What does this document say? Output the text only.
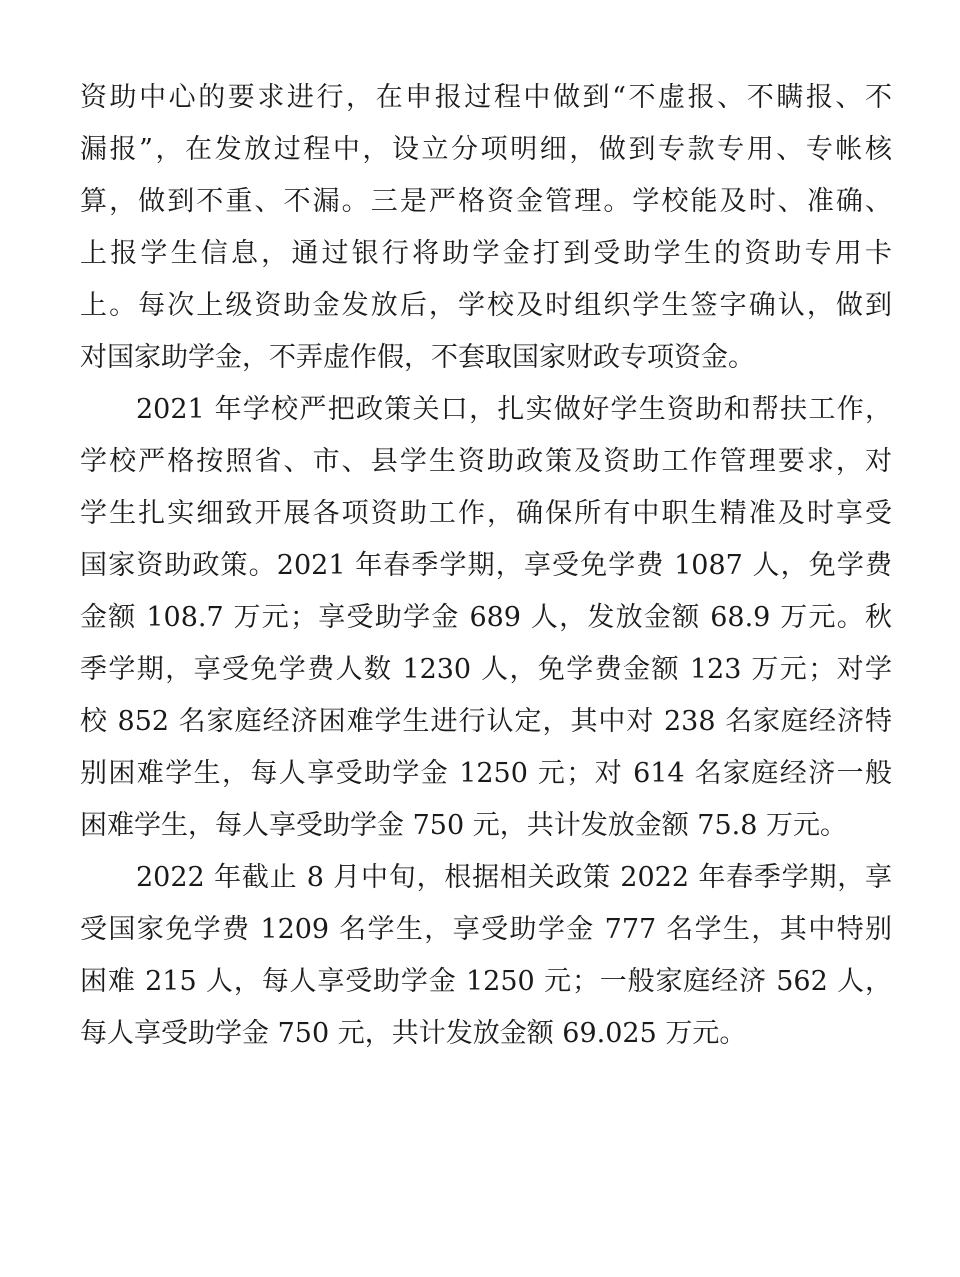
资助中心的要求进行，在申报过程中做到“不虚报、不瞒报、不
漏报”，在发放过程中，设立分项明细，做到专款专用、专帐核
算，做到不重、不漏。三是严格资金管理。学校能及时、准确、
上报学生信息，通过银行将助学金打到受助学生的资助专用卡
上。每次上级资助金发放后，学校及时组织学生签字确认，做到
对国家助学金，不弄虚作假，不套取国家财政专项资金。
2021 年学校严把政策关口，扎实做好学生资助和帮扶工作，
学校严格按照省、市、县学生资助政策及资助工作管理要求，对
学生扎实细致开展各项资助工作，确保所有中职生精准及时享受
国家资助政策。2021 年春季学期，享受免学费 1087 人，免学费
金额 108.7 万元；享受助学金 689 人，发放金额 68.9 万元。秋
季学期，享受免学费人数 1230 人，免学费金额 123 万元；对学
校 852 名家庭经济困难学生进行认定，其中对 238 名家庭经济特
别困难学生，每人享受助学金 1250 元；对 614 名家庭经济一般
困难学生，每人享受助学金 750 元，共计发放金额 75.8 万元。
2022 年截止 8 月中旬，根据相关政策 2022 年春季学期，享
受国家免学费 1209 名学生，享受助学金 777 名学生，其中特别
困难 215 人，每人享受助学金 1250 元；一般家庭经济 562 人，
每人享受助学金 750 元，共计发放金额 69.025 万元。
